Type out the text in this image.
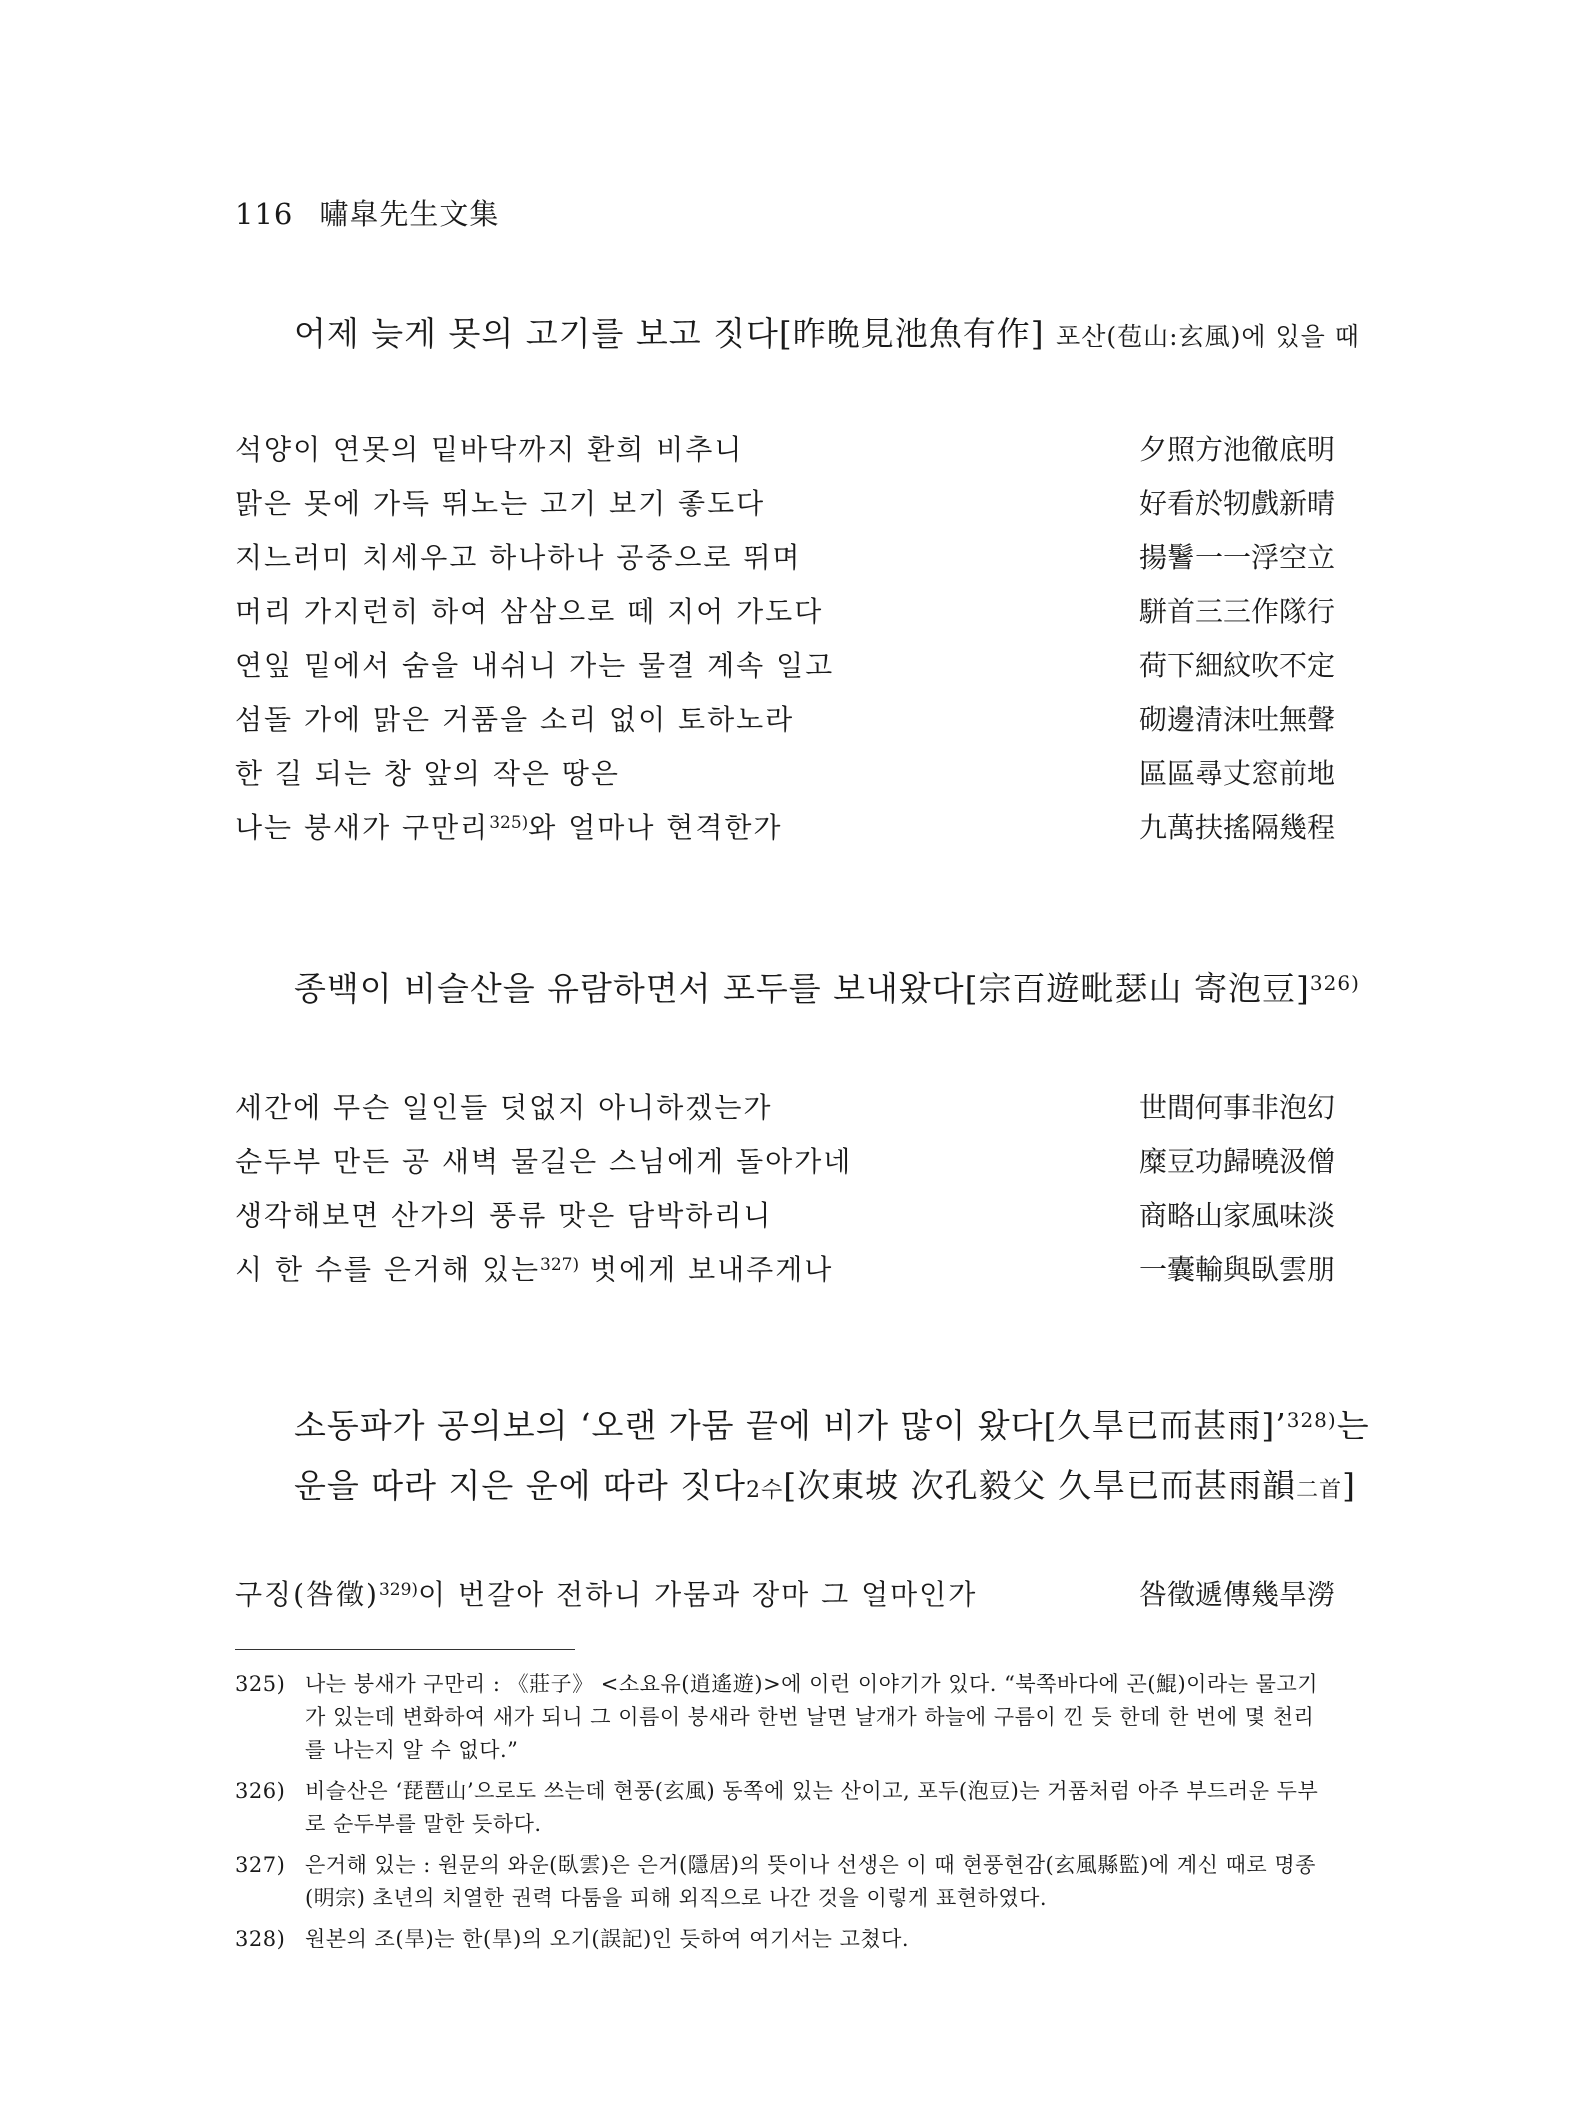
116 嘯皐先生文集
어제 늦게 못의 고기를 보고 짓다[昨晩見池魚有作] 포산(苞山:玄風)에 있을 때
석양이 연못의 밑바닥까지 환희 비추니	夕照方池徹底明
맑은 못에 가득 뛰노는 고기 보기 좋도다	好看於牣戲新晴
지느러미 치세우고 하나하나 공중으로 뛰며	揚鬐一一浮空立
머리 가지런히 하여 삼삼으로 떼 지어 가도다	駢首三三作隊行
연잎 밑에서 숨을 내쉬니 가는 물결 계속 일고	荷下細紋吹不定
섬돌 가에 맑은 거품을 소리 없이 토하노라	砌邊清沫吐無聲
한 길 되는 창 앞의 작은 땅은	區區尋丈窓前地
나는 붕새가 구만리$^{325)}$와 얼마나 현격한가	九萬扶搖隔幾程
종백이 비슬산을 유람하면서 포두를 보내왔다[宗百遊毗瑟山 寄泡豆]$^{326)}$
세간에 무슨 일인들 덧없지 아니하겠는가	世間何事非泡幻
순두부 만든 공 새벽 물길은 스님에게 돌아가네	糜豆功歸曉汲僧
생각해보면 산가의 풍류 맛은 담박하리니	商略山家風味淡
시 한 수를 은거해 있는$^{327)}$ 벗에게 보내주게나	一囊輸與臥雲朋
소동파가 공의보의 ‘오랜 가뭄 끝에 비가 많이 왔다[久旱已而甚雨]’$^{328)}$는
운을 따라 지은 운에 따라 짓다2수[次東坡 次孔毅父 久旱已而甚雨韻二首]
구징(咎徵)$^{329)}$이 번갈아 전하니 가뭄과 장마 그 얼마인가	咎徵遞傳幾旱澇
325) 나는 붕새가 구만리 : 《莊子》 <소요유(逍遙遊)>에 이런 이야기가 있다. “북쪽바다에 곤(鯤)이라는 물고기가 있는데 변화하여 새가 되니 그 이름이 붕새라 한번 날면 날개가 하늘에 구름이 낀 듯 한데 한 번에 몇 천리를 나는지 알 수 없다.”
326) 비슬산은 ‘琵琶山’으로도 쓰는데 현풍(玄風) 동쪽에 있는 산이고, 포두(泡豆)는 거품처럼 아주 부드러운 두부로 순두부를 말한 듯하다.
327) 은거해 있는 : 원문의 와운(臥雲)은 은거(隱居)의 뜻이나 선생은 이 때 현풍현감(玄風縣監)에 계신 때로 명종(明宗) 초년의 치열한 권력 다툼을 피해 외직으로 나간 것을 이렇게 표현하였다.
328) 원본의 조(旱)는 한(旱)의 오기(誤記)인 듯하여 여기서는 고쳤다.
